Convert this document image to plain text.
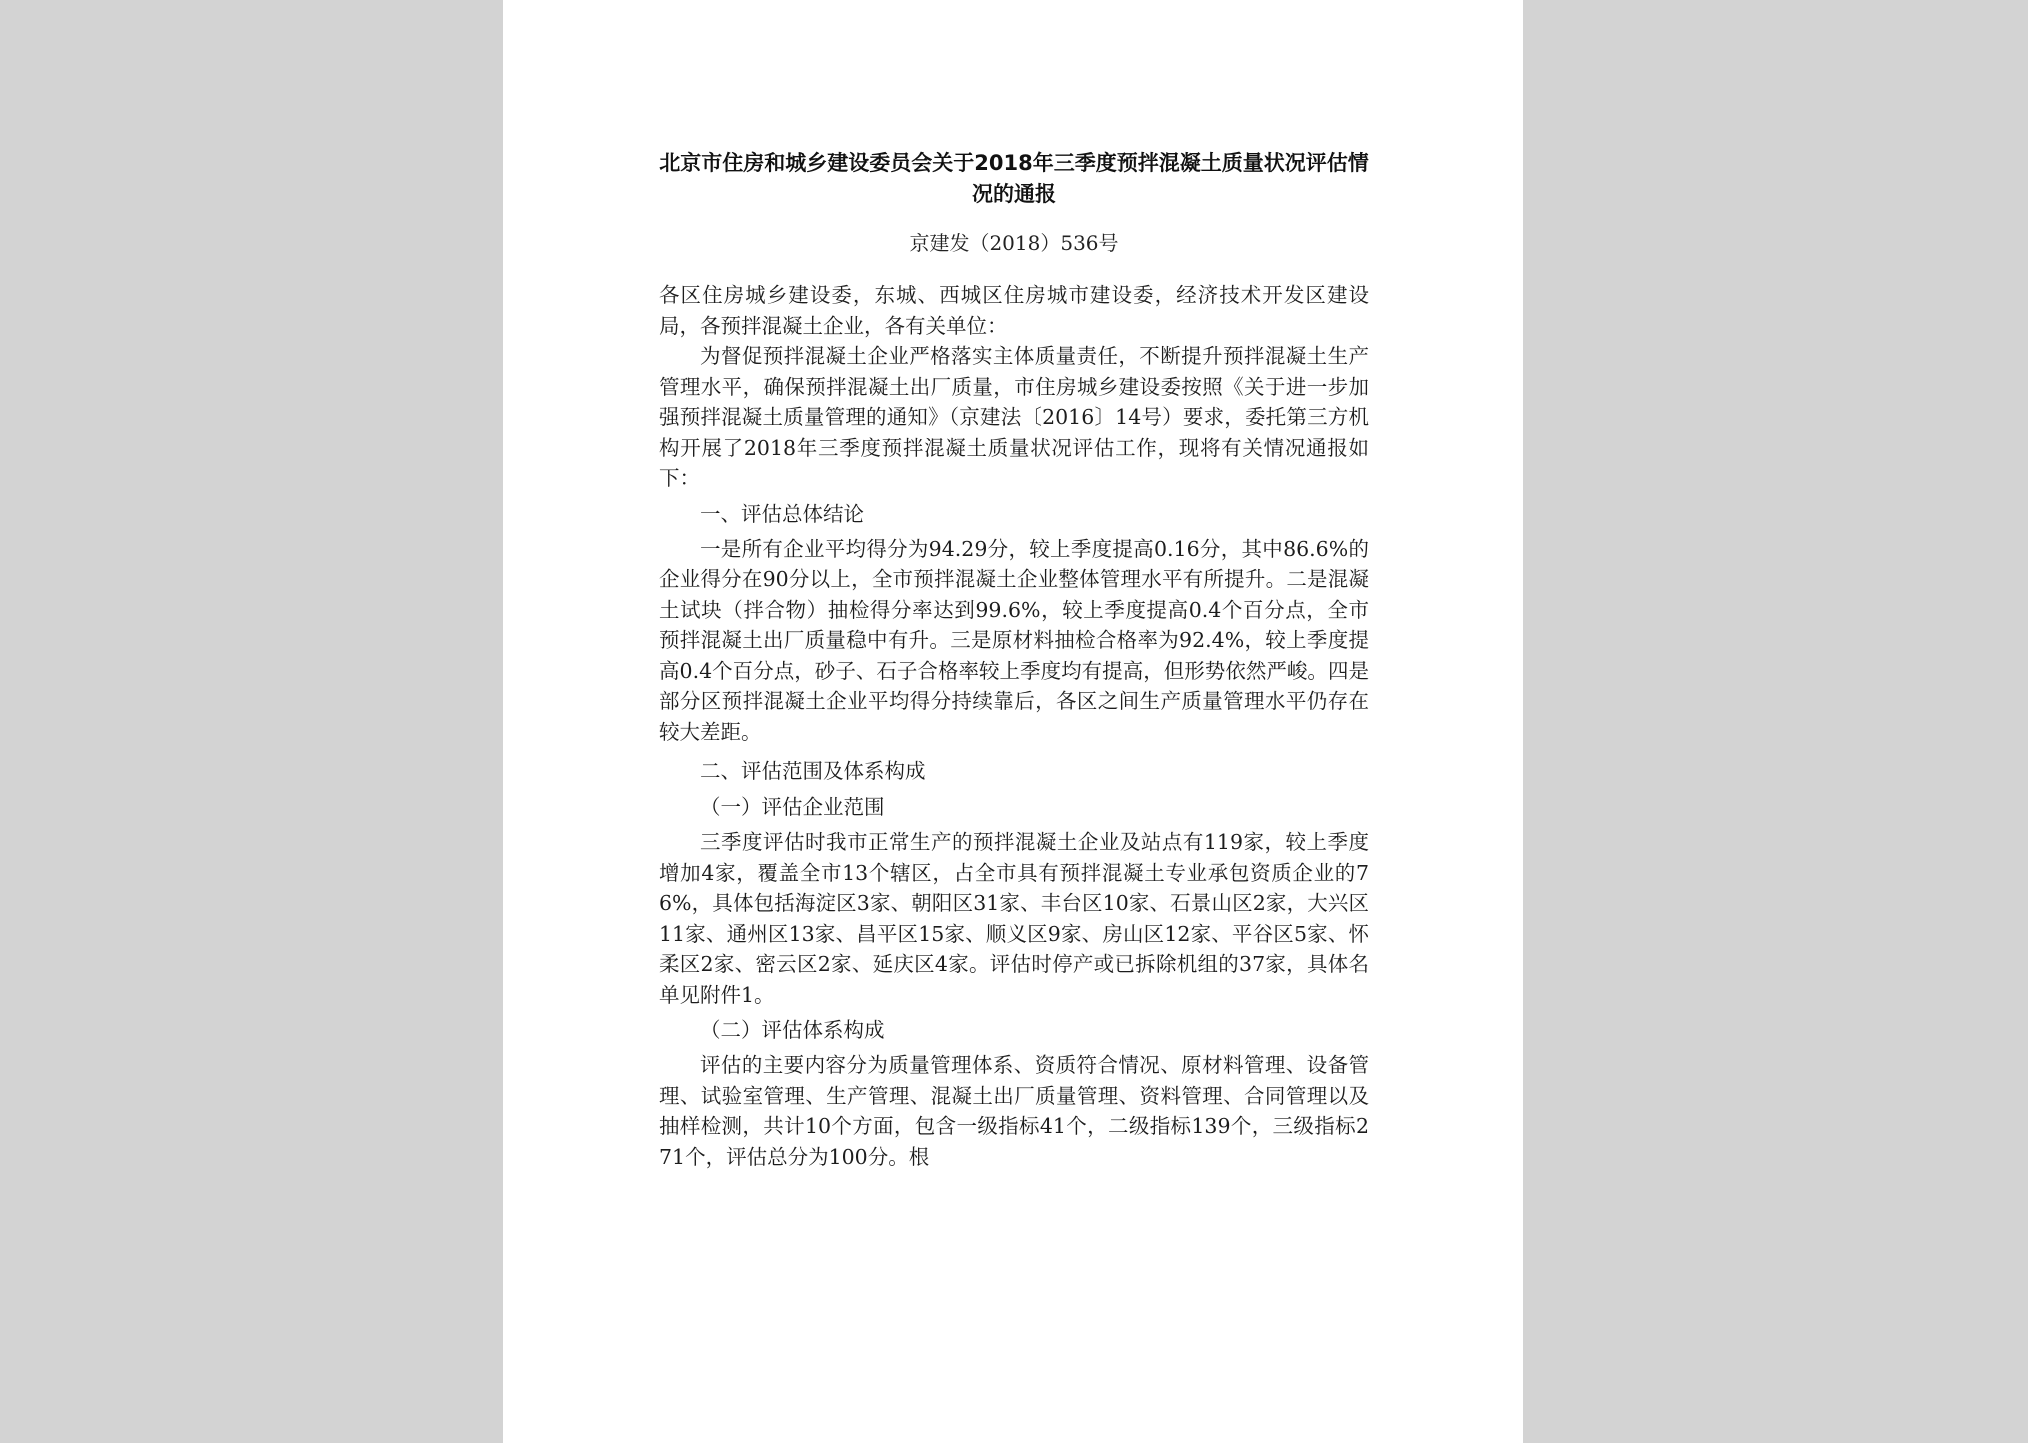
北京市住房和城乡建设委员会关于2018年三季度预拌混凝土质量状况评估情况的通报
京建发（2018）536号

各区住房城乡建设委，东城、西城区住房城市建设委，经济技术开发区建设局，各预拌混凝土企业，各有关单位：

为督促预拌混凝土企业严格落实主体质量责任，不断提升预拌混凝土生产管理水平，确保预拌混凝土出厂质量，市住房城乡建设委按照《关于进一步加强预拌混凝土质量管理的通知》（京建法〔2016〕14号）要求，委托第三方机构开展了2018年三季度预拌混凝土质量状况评估工作，现将有关情况通报如下：

一、评估总体结论

一是所有企业平均得分为94.29分，较上季度提高0.16分，其中86.6%的企业得分在90分以上，全市预拌混凝土企业整体管理水平有所提升。二是混凝土试块（拌合物）抽检得分率达到99.6%，较上季度提高0.4个百分点，全市预拌混凝土出厂质量稳中有升。三是原材料抽检合格率为92.4%，较上季度提高0.4个百分点，砂子、石子合格率较上季度均有提高，但形势依然严峻。四是部分区预拌混凝土企业平均得分持续靠后，各区之间生产质量管理水平仍存在较大差距。

二、评估范围及体系构成
（一）评估企业范围

三季度评估时我市正常生产的预拌混凝土企业及站点有119家，较上季度增加4家，覆盖全市13个辖区，占全市具有预拌混凝土专业承包资质企业的76%，具体包括海淀区3家、朝阳区31家、丰台区10家、石景山区2家，大兴区11家、通州区13家、昌平区15家、顺义区9家、房山区12家、平谷区5家、怀柔区2家、密云区2家、延庆区4家。评估时停产或已拆除机组的37家，具体名单见附件1。

（二）评估体系构成

评估的主要内容分为质量管理体系、资质符合情况、原材料管理、设备管理、试验室管理、生产管理、混凝土出厂质量管理、资料管理、合同管理以及抽样检测，共计10个方面，包含一级指标41个，二级指标139个，三级指标271个，评估总分为100分。根
